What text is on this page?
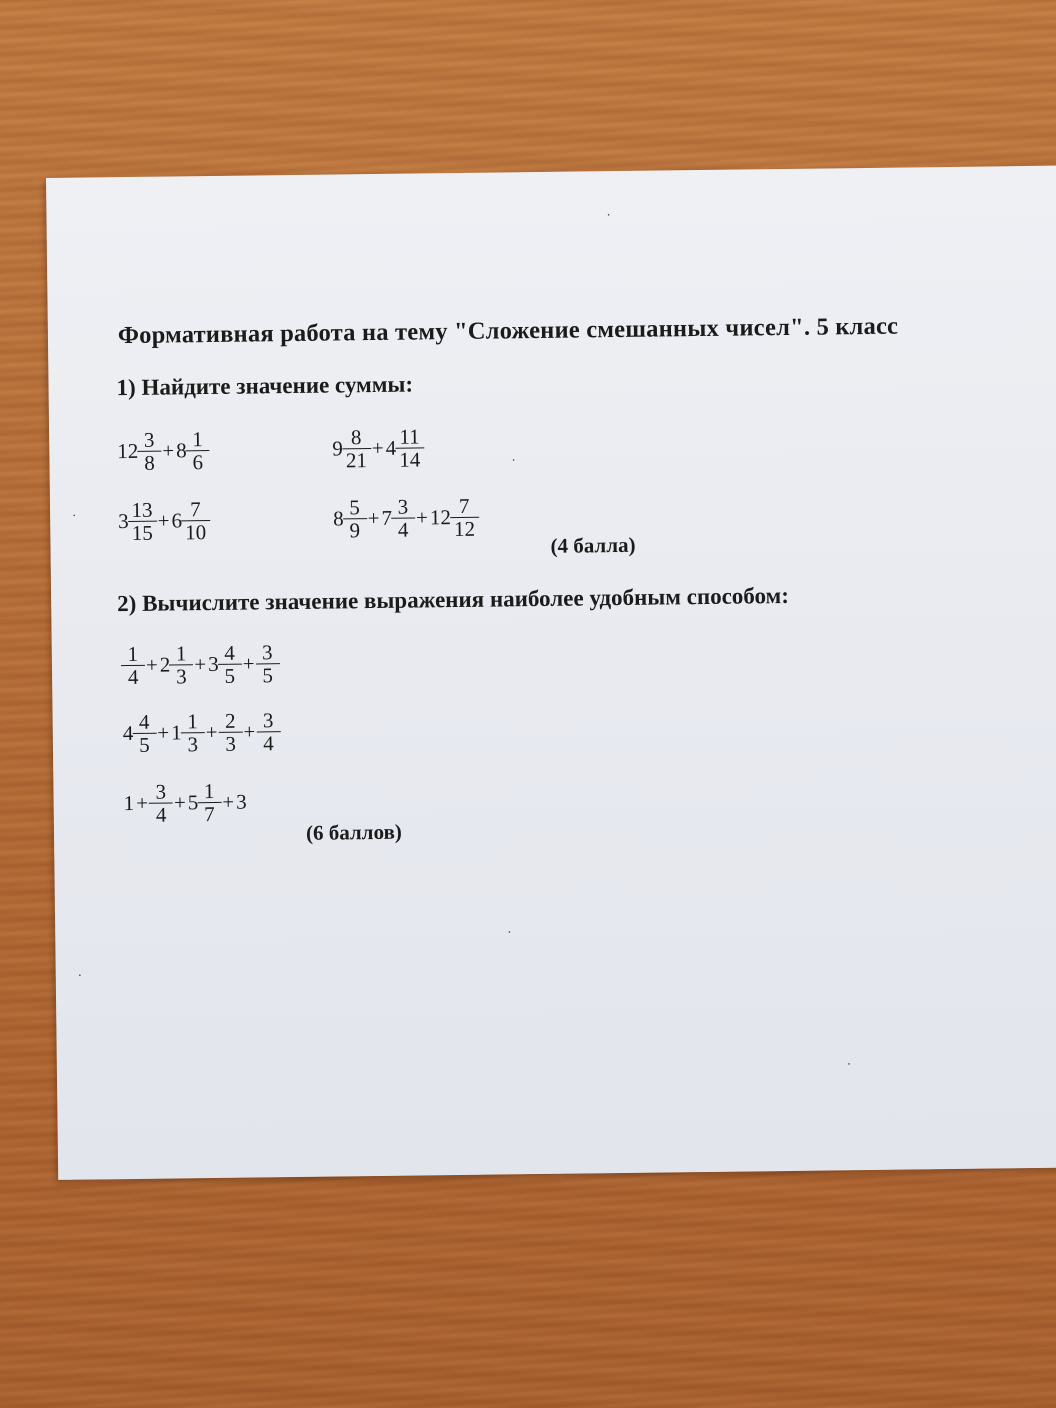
Формативная работа на тему "Сложение смешанных чисел". 5 класс
1) Найдите значение суммы:
$12 \frac{3}{8} + 8 \frac{1}{6}$	$9 \frac{8}{21} + 4 \frac{11}{14}$
$3 \frac{13}{15} + 6 \frac{7}{10}$	$8 \frac{5}{9} + 7 \frac{3}{4} + 12 \frac{7}{12}$
(4 балла)
2) Вычислите значение выражения наиболее удобным способом:
$\frac{1}{4} + 2 \frac{1}{3} + 3 \frac{4}{5} + \frac{3}{5}$
$4 \frac{4}{5} + 1 \frac{1}{3} + \frac{2}{3} + \frac{3}{4}$
$1 + \frac{3}{4} + 5 \frac{1}{7} + 3$
(6 баллов)
·
·
·
·
·
·
